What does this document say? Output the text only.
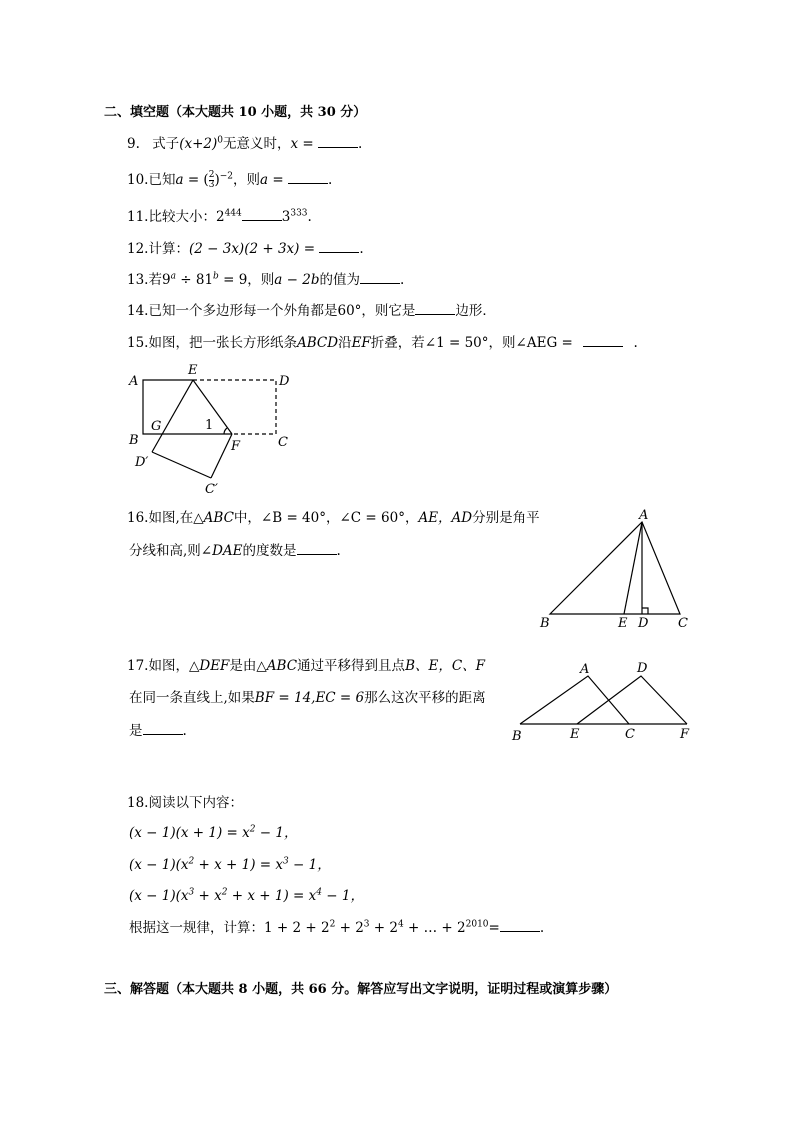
二、填空题（本大题共 10 小题，共 30 分）
9. 式子$(x+2)^0$无意义时，x =	.
10.已知a = ( $\frac{2}{3} )^{-2}$，则a =	.
11.比较大小：$2^{444}$	$3^{333}$.
12.计算：(2 − 3x)(2 + 3x) =	.
13.若$9^a \div 81^b = 9$，则a − 2b的值为	.
14.已知一个多边形每一个外角都是60°，则它是	边形．
15.如图，把一张长方形纸条ABCD沿EF折叠，若∠1 = 50°，则∠AEG =	.
A
E
D
B
G	1
F	C
D′
C′
16.如图,在△ABC中，∠B = 40°，∠C = 60°，AE，AD分别是角平
分线和高,则∠DAE的度数是	.
A
B	E D C
17.如图，△DEF是由△ABC通过平移得到且点B、E，C、F
在同一条直线上,如果BF = 14,EC = 6那么这次平移的距离
是	.
A	D
B	E	C	F
18.阅读以下内容：
$(x - 1)(x + 1) = x^2 - 1$，
$(x - 1)(x^2 + x + 1) = x^3 - 1$，
$(x - 1)(x^3 + x^2 + x + 1) = x^4 - 1$，
根据这一规律，计算：$1 + 2 + 2^2 + 2^3 + 2^4$ + … + $2^{2010}=$	.
三、解答题（本大题共 8 小题，共 66 分。解答应写出文字说明，证明过程或演算步骤）
